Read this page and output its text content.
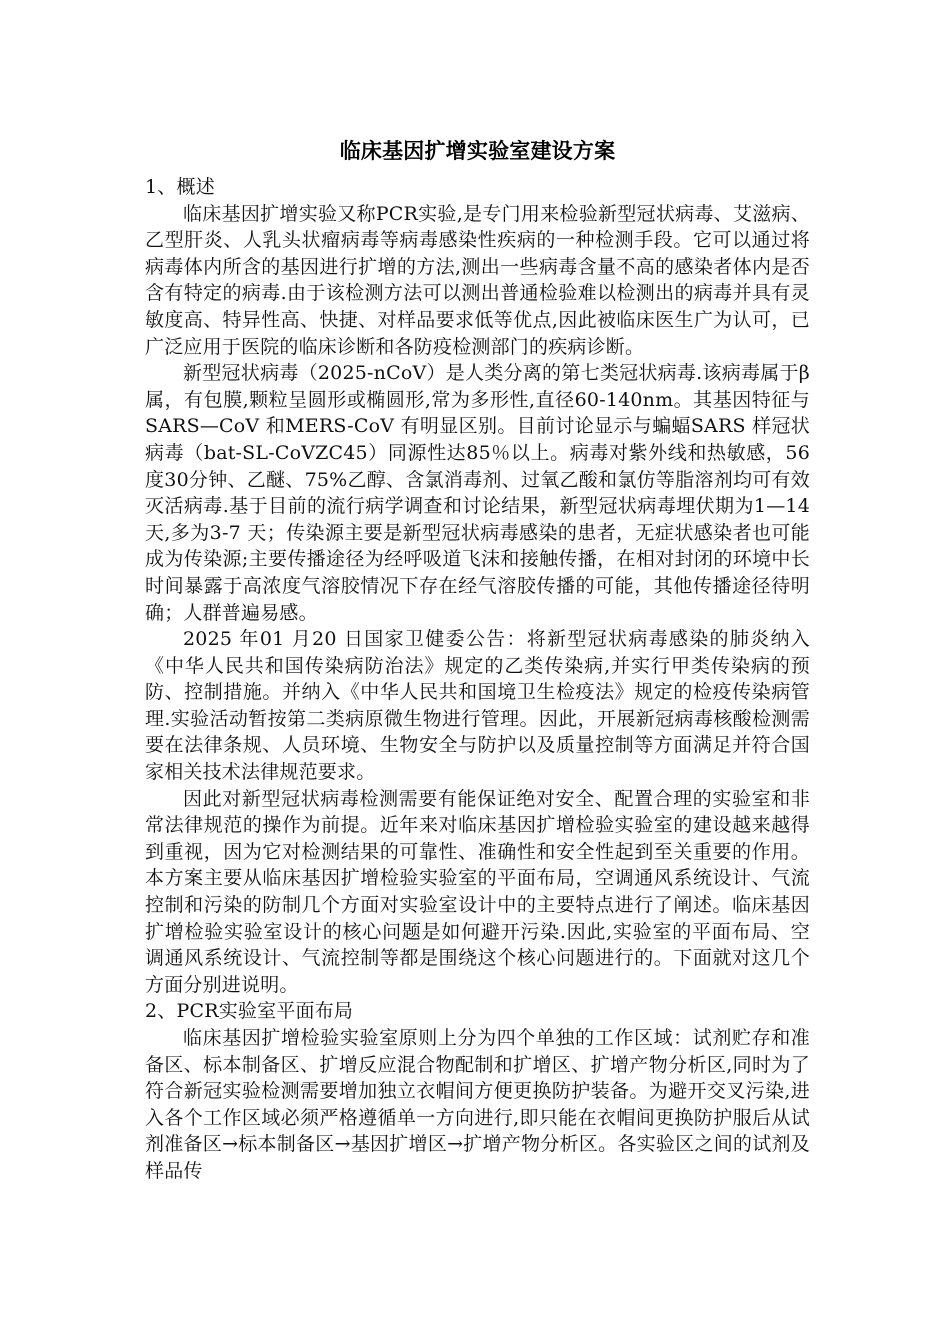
临床基因扩增实验室建设方案

1、概述

临床基因扩增实验又称PCR实验,是专门用来检验新型冠状病毒、艾滋病、乙型肝炎、人乳头状瘤病毒等病毒感染性疾病的一种检测手段。它可以通过将病毒体内所含的基因进行扩增的方法,测出一些病毒含量不高的感染者体内是否含有特定的病毒.由于该检测方法可以测出普通检验难以检测出的病毒并具有灵敏度高、特异性高、快捷、对样品要求低等优点,因此被临床医生广为认可，已广泛应用于医院的临床诊断和各防疫检测部门的疾病诊断。

新型冠状病毒（2025-nCoV）是人类分离的第七类冠状病毒.该病毒属于β属，有包膜,颗粒呈圆形或椭圆形,常为多形性,直径60-140nm。其基因特征与SARS—CoV 和MERS-CoV 有明显区别。目前讨论显示与蝙蝠SARS 样冠状病毒（bat-SL-CoVZC45）同源性达85％以上。病毒对紫外线和热敏感，56 度30分钟、乙醚、75%乙醇、含氯消毒剂、过氧乙酸和氯仿等脂溶剂均可有效灭活病毒.基于目前的流行病学调查和讨论结果，新型冠状病毒埋伏期为1—14 天,多为3-7 天；传染源主要是新型冠状病毒感染的患者，无症状感染者也可能成为传染源;主要传播途径为经呼吸道飞沫和接触传播，在相对封闭的环境中长时间暴露于高浓度气溶胶情况下存在经气溶胶传播的可能，其他传播途径待明确；人群普遍易感。

2025 年01 月20 日国家卫健委公告：将新型冠状病毒感染的肺炎纳入《中华人民共和国传染病防治法》规定的乙类传染病,并实行甲类传染病的预防、控制措施。并纳入《中华人民共和国境卫生检疫法》规定的检疫传染病管理.实验活动暂按第二类病原微生物进行管理。因此，开展新冠病毒核酸检测需要在法律条规、人员环境、生物安全与防护以及质量控制等方面满足并符合国家相关技术法律规范要求。

因此对新型冠状病毒检测需要有能保证绝对安全、配置合理的实验室和非常法律规范的操作为前提。近年来对临床基因扩增检验实验室的建设越来越得到重视，因为它对检测结果的可靠性、准确性和安全性起到至关重要的作用。本方案主要从临床基因扩增检验实验室的平面布局，空调通风系统设计、气流控制和污染的防制几个方面对实验室设计中的主要特点进行了阐述。临床基因扩增检验实验室设计的核心问题是如何避开污染.因此,实验室的平面布局、空调通风系统设计、气流控制等都是围绕这个核心问题进行的。下面就对这几个方面分别进说明。

2、PCR实验室平面布局

临床基因扩增检验实验室原则上分为四个单独的工作区域：试剂贮存和准备区、标本制备区、扩增反应混合物配制和扩增区、扩增产物分析区,同时为了符合新冠实验检测需要增加独立衣帽间方便更换防护装备。为避开交叉污染,进入各个工作区域必须严格遵循单一方向进行,即只能在衣帽间更换防护服后从试剂准备区→标本制备区→基因扩增区→扩增产物分析区。各实验区之间的试剂及样品传
